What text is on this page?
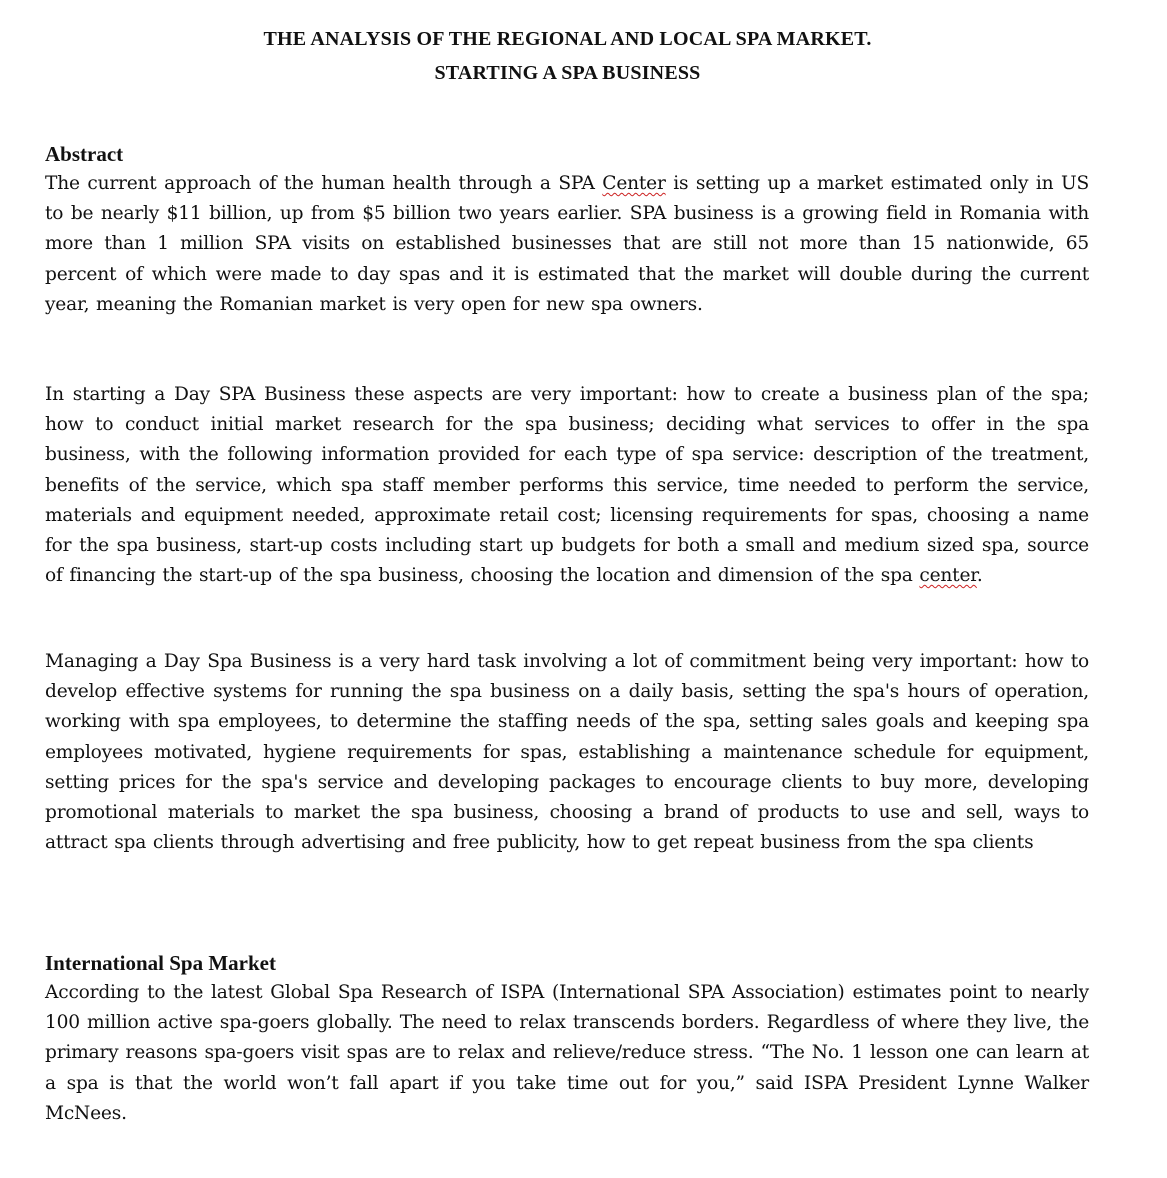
THE ANALYSIS OF THE REGIONAL AND LOCAL SPA MARKET.
STARTING A SPA BUSINESS
Abstract
The current approach of the human health through a SPA Center is setting up a market estimated only in US to be nearly $11 billion, up from $5 billion two years earlier. SPA business is a growing field in Romania with more than 1 million SPA visits on established businesses that are still not more than 15 nationwide, 65 percent of which were made to day spas and it is estimated that the market will double during the current year, meaning the Romanian market is very open for new spa owners.
In starting a Day SPA Business these aspects are very important: how to create a business plan of the spa; how to conduct initial market research for the spa business; deciding what services to offer in the spa business, with the following information provided for each type of spa service: description of the treatment, benefits of the service, which spa staff member performs this service, time needed to perform the service, materials and equipment needed, approximate retail cost; licensing requirements for spas, choosing a name for the spa business, start-up costs including start up budgets for both a small and medium sized spa, source of financing the start-up of the spa business, choosing the location and dimension of the spa center.
Managing a Day Spa Business is a very hard task involving a lot of commitment being very important: how to develop effective systems for running the spa business on a daily basis, setting the spa's hours of operation, working with spa employees, to determine the staffing needs of the spa, setting sales goals and keeping spa employees motivated, hygiene requirements for spas, establishing a maintenance schedule for equipment, setting prices for the spa's service and developing packages to encourage clients to buy more, developing promotional materials to market the spa business, choosing a brand of products to use and sell, ways to attract spa clients through advertising and free publicity, how to get repeat business from the spa clients
International Spa Market
According to the latest Global Spa Research of ISPA (International SPA Association) estimates point to nearly 100 million active spa-goers globally. The need to relax transcends borders. Regardless of where they live, the primary reasons spa-goers visit spas are to relax and relieve/reduce stress. “The No. 1 lesson one can learn at a spa is that the world won’t fall apart if you take time out for you,” said ISPA President Lynne Walker McNees.
